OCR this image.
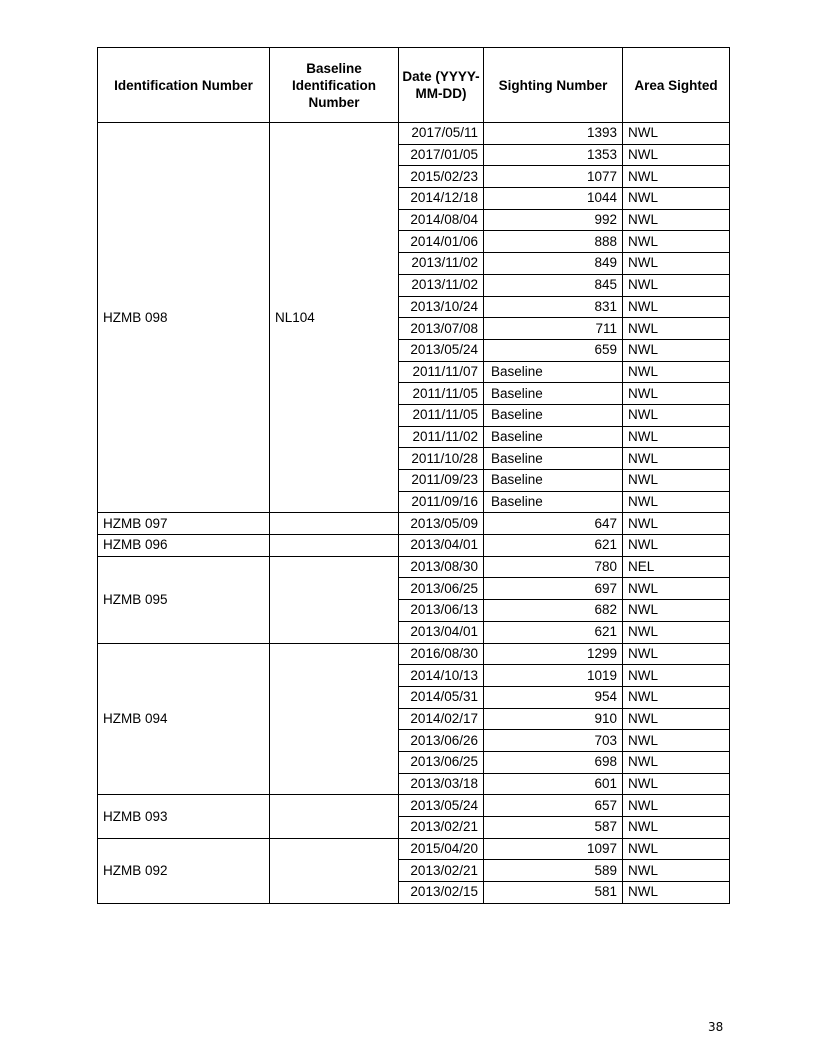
Identification Number	Baseline Identification Number	Date (YYYY-MM-DD)	Sighting Number	Area Sighted
HZMB 098	NL104	2017/05/11	1393	NWL
		2017/01/05	1353	NWL
		2015/02/23	1077	NWL
		2014/12/18	1044	NWL
		2014/08/04	992	NWL
		2014/01/06	888	NWL
		2013/11/02	849	NWL
		2013/11/02	845	NWL
		2013/10/24	831	NWL
		2013/07/08	711	NWL
		2013/05/24	659	NWL
		2011/11/07	Baseline	NWL
		2011/11/05	Baseline	NWL
		2011/11/05	Baseline	NWL
		2011/11/02	Baseline	NWL
		2011/10/28	Baseline	NWL
		2011/09/23	Baseline	NWL
		2011/09/16	Baseline	NWL
HZMB 097		2013/05/09	647	NWL
HZMB 096		2013/04/01	621	NWL
HZMB 095		2013/08/30	780	NEL
		2013/06/25	697	NWL
		2013/06/13	682	NWL
		2013/04/01	621	NWL
HZMB 094		2016/08/30	1299	NWL
		2014/10/13	1019	NWL
		2014/05/31	954	NWL
		2014/02/17	910	NWL
		2013/06/26	703	NWL
		2013/06/25	698	NWL
		2013/03/18	601	NWL
HZMB 093		2013/05/24	657	NWL
		2013/02/21	587	NWL
HZMB 092		2015/04/20	1097	NWL
		2013/02/21	589	NWL
		2013/02/15	581	NWL
38
